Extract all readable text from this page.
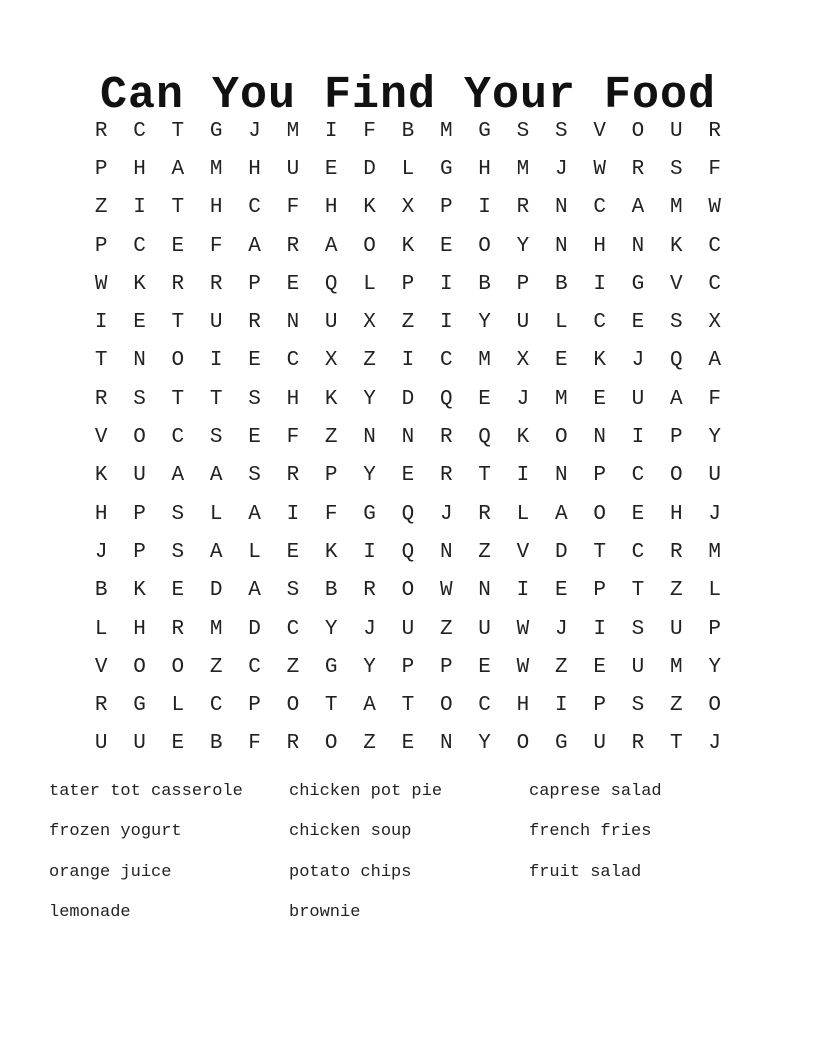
Can You Find Your Food
R	C	T	G	J	M	I	F	B	M	G	S	S	V	O	U	R
P	H	A	M	H	U	E	D	L	G	H	M	J	W	R	S	F
Z	I	T	H	C	F	H	K	X	P	I	R	N	C	A	M	W
P	C	E	F	A	R	A	O	K	E	O	Y	N	H	N	K	C
W	K	R	R	P	E	Q	L	P	I	B	P	B	I	G	V	C
I	E	T	U	R	N	U	X	Z	I	Y	U	L	C	E	S	X
T	N	O	I	E	C	X	Z	I	C	M	X	E	K	J	Q	A
R	S	T	T	S	H	K	Y	D	Q	E	J	M	E	U	A	F
V	O	C	S	E	F	Z	N	N	R	Q	K	O	N	I	P	Y
K	U	A	A	S	R	P	Y	E	R	T	I	N	P	C	O	U
H	P	S	L	A	I	F	G	Q	J	R	L	A	O	E	H	J
J	P	S	A	L	E	K	I	Q	N	Z	V	D	T	C	R	M
B	K	E	D	A	S	B	R	O	W	N	I	E	P	T	Z	L
L	H	R	M	D	C	Y	J	U	Z	U	W	J	I	S	U	P
V	O	O	Z	C	Z	G	Y	P	P	E	W	Z	E	U	M	Y
R	G	L	C	P	O	T	A	T	O	C	H	I	P	S	Z	O
U	U	E	B	F	R	O	Z	E	N	Y	O	G	U	R	T	J
tater tot casserole	chicken pot pie	caprese salad
frozen yogurt	chicken soup	french fries
orange juice	potato chips	fruit salad
lemonade	brownie
